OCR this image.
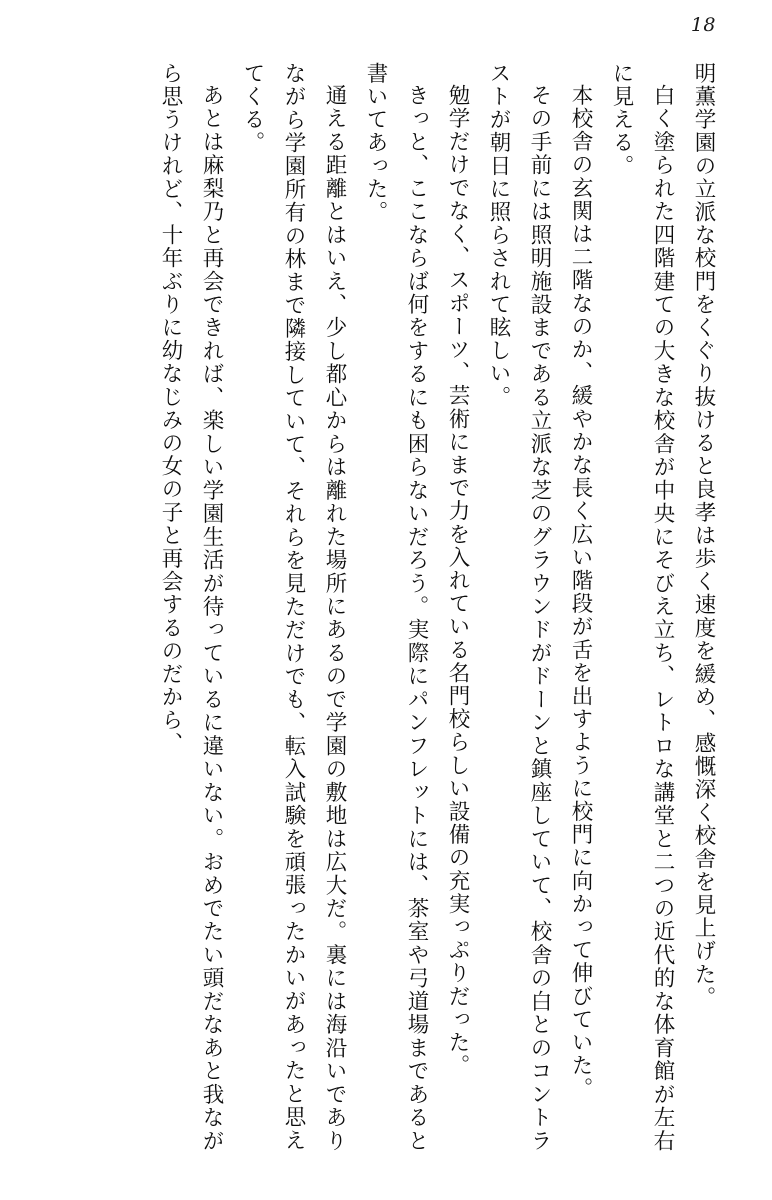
18

明薫学園の立派な校門をくぐり抜けると良孝は歩く速度を緩め、感慨深く校舎を見上げた。

白く塗られた四階建ての大きな校舎が中央にそびえ立ち、レトロな講堂と二つの近代的な体育館が左右に見える。

本校舎の玄関は二階なのか、緩やかな長く広い階段が舌を出すように校門に向かって伸びていた。

その手前には照明施設まである立派な芝のグラウンドがドーンと鎮座していて、校舎の白とのコントラストが朝日に照らされて眩しい。

勉学だけでなく、スポーツ、芸術にまで力を入れている名門校らしい設備の充実っぷりだった。

きっと、ここならば何をするにも困らないだろう。実際にパンフレットには、茶室や弓道場まであると書いてあった。

通える距離とはいえ、少し都心からは離れた場所にあるので学園の敷地は広大だ。裏には海沿いでありながら学園所有の林まで隣接していて、それらを見ただけでも、転入試験を頑張ったかいがあったと思えてくる。

あとは麻梨乃と再会できれば、楽しい学園生活が待っているに違いない。おめでたい頭だなあと我ながら思うけれど、十年ぶりに幼なじみの女の子と再会するのだから、
